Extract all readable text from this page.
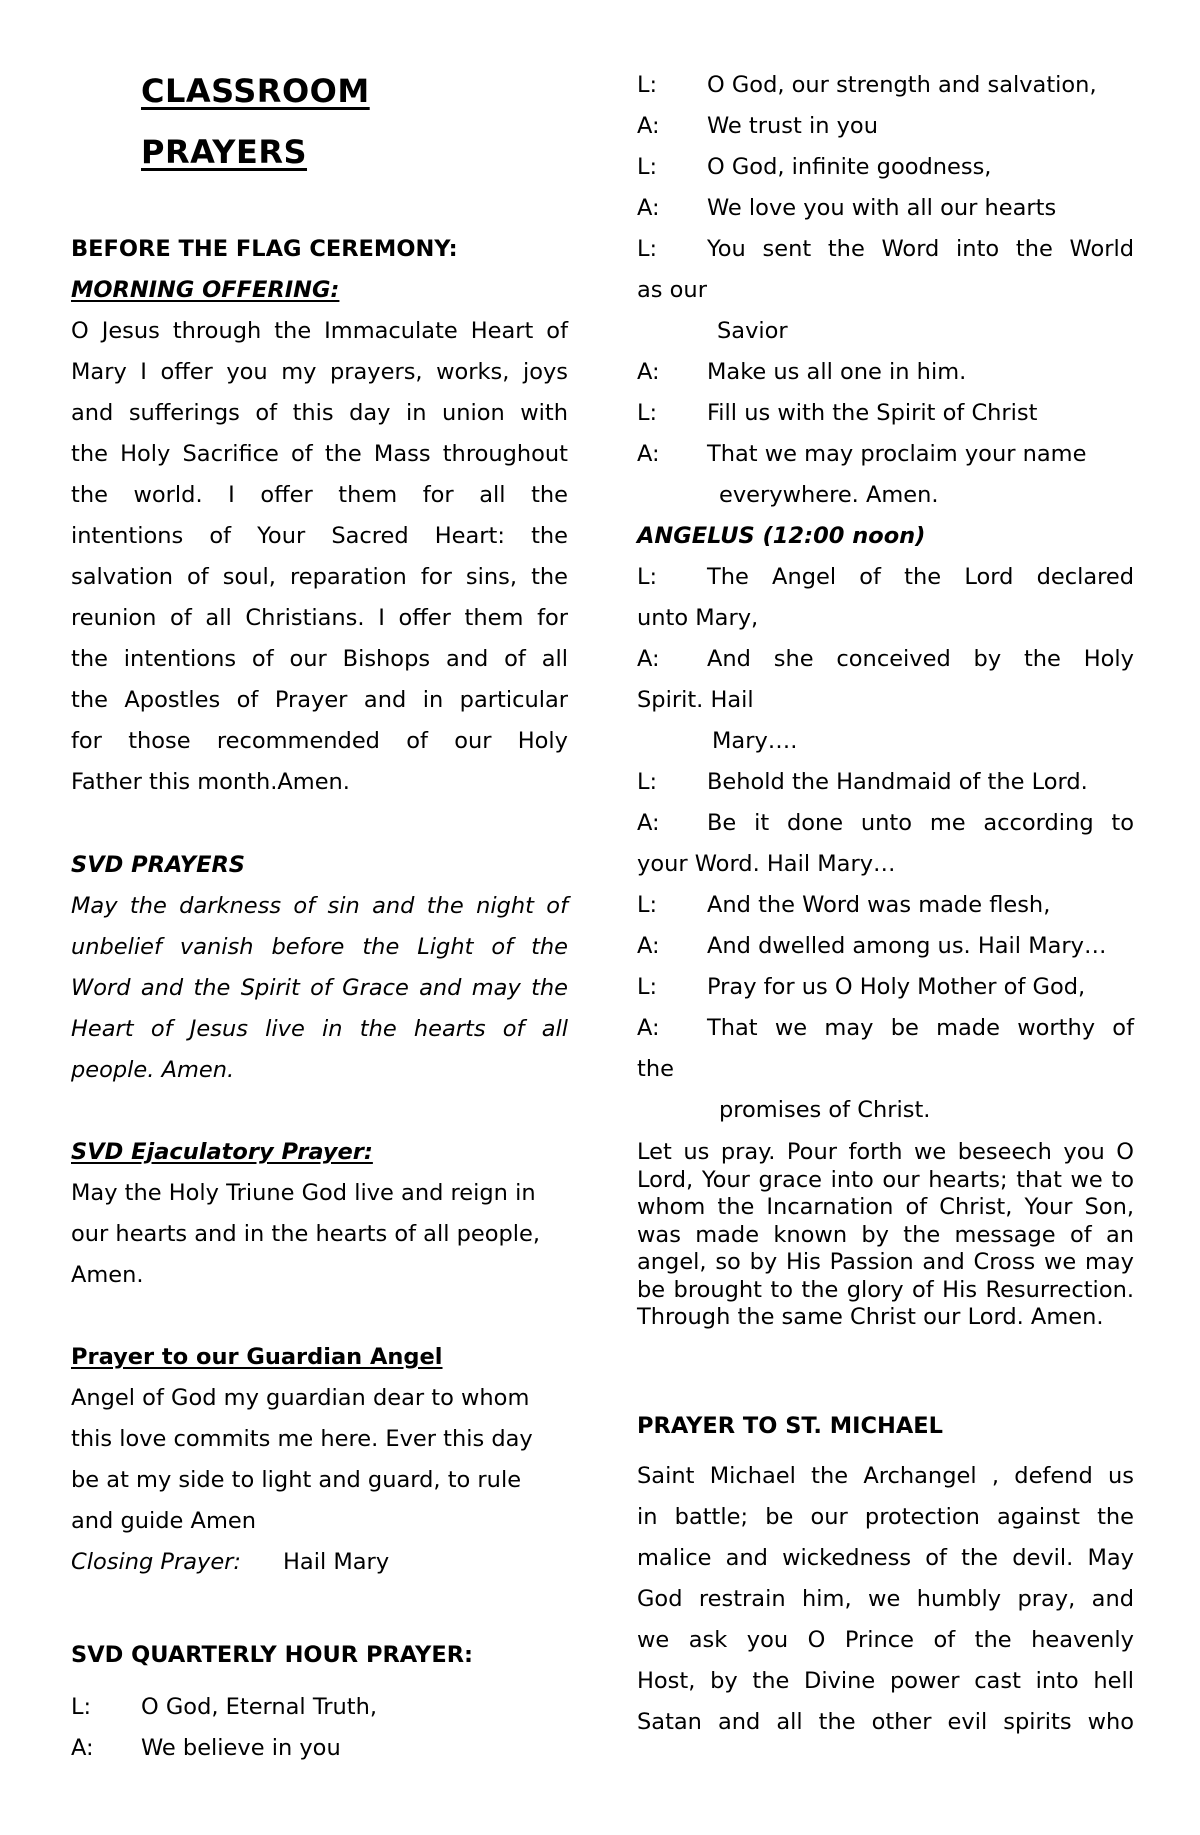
CLASSROOM
PRAYERS
BEFORE THE FLAG CEREMONY:
MORNING OFFERING:
O Jesus through the Immaculate Heart of
Mary I offer you my prayers, works, joys
and sufferings of this day in union with
the Holy Sacrifice of the Mass throughout
the world. I offer them for all the
intentions of Your Sacred Heart: the
salvation of soul, reparation for sins, the
reunion of all Christians. I offer them for
the intentions of our Bishops and of all
the Apostles of Prayer and in particular
for those recommended of our Holy
Father this month.Amen.
SVD PRAYERS
May the darkness of sin and the night of
unbelief vanish before the Light of the
Word and the Spirit of Grace and may the
Heart of Jesus live in the hearts of all
people. Amen.
SVD Ejaculatory Prayer:
May the Holy Triune God live and reign in
our hearts and in the hearts of all people,
Amen.
Prayer to our Guardian Angel
Angel of God my guardian dear to whom
this love commits me here. Ever this day
be at my side to light and guard, to rule
and guide Amen
Closing Prayer: Hail Mary
SVD QUARTERLY HOUR PRAYER:
L: O God, Eternal Truth,
A: We believe in you
L: O God, our strength and salvation,
A: We trust in you
L: O God, infinite goodness,
A: We love you with all our hearts
L: You sent the Word into the World
as our
Savior
A: Make us all one in him.
L: Fill us with the Spirit of Christ
A: That we may proclaim your name
everywhere. Amen.
ANGELUS (12:00 noon)
L: The Angel of the Lord declared
unto Mary,
A: And she conceived by the Holy
Spirit. Hail
Mary….
L: Behold the Handmaid of the Lord.
A: Be it done unto me according to
your Word. Hail Mary…
L: And the Word was made flesh,
A: And dwelled among us. Hail Mary…
L: Pray for us O Holy Mother of God,
A: That we may be made worthy of
the
promises of Christ.
Let us pray. Pour forth we beseech you O Lord, Your grace into our hearts; that we to whom the Incarnation of Christ, Your Son, was made known by the message of an angel, so by His Passion and Cross we may be brought to the glory of His Resurrection. Through the same Christ our Lord. Amen.
PRAYER TO ST. MICHAEL
Saint Michael the Archangel , defend us
in battle; be our protection against the
malice and wickedness of the devil. May
God restrain him, we humbly pray, and
we ask you O Prince of the heavenly
Host, by the Divine power cast into hell
Satan and all the other evil spirits who
